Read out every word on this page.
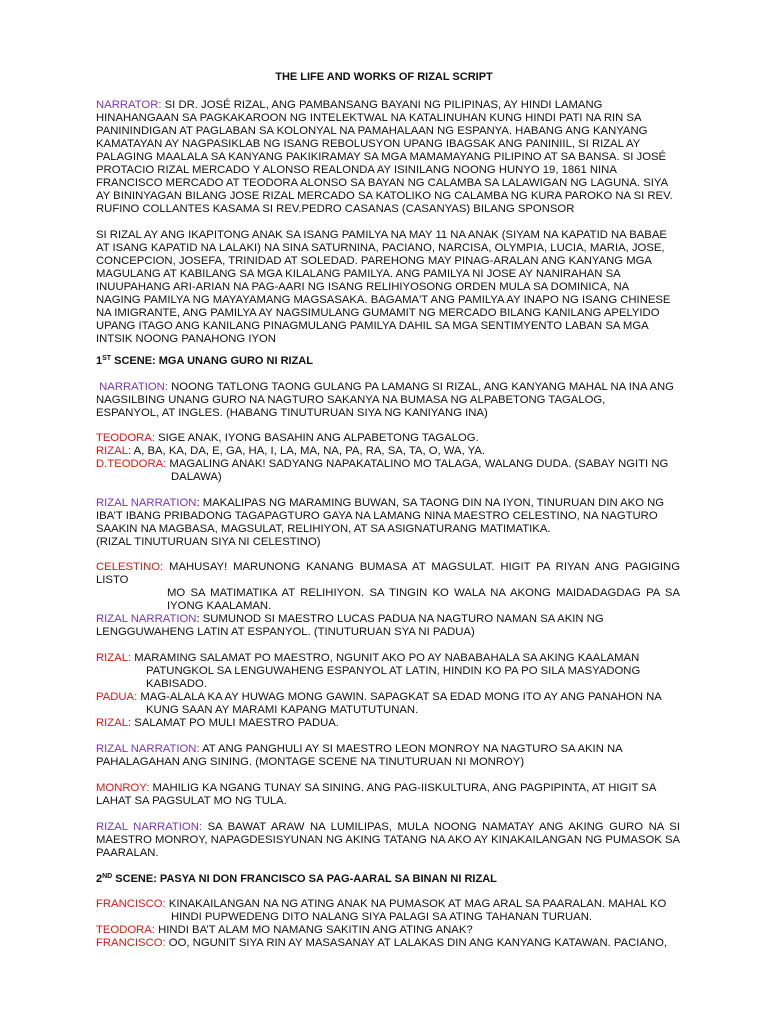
THE LIFE AND WORKS OF RIZAL SCRIPT

NARRATOR: SI DR. JOSÉ RIZAL, ANG PAMBANSANG BAYANI NG PILIPINAS, AY HINDI LAMANG

HINAHANGAAN SA PAGKAKAROON NG INTELEKTWAL NA KATALINUHAN KUNG HINDI PATI NA RIN SA

PANININDIGAN AT PAGLABAN SA KOLONYAL NA PAMAHALAAN NG ESPANYA. HABANG ANG KANYANG

KAMATAYAN AY NAGPASIKLAB NG ISANG REBOLUSYON UPANG IBAGSAK ANG PANINIIL, SI RIZAL AY

PALAGING MAALALA SA KANYANG PAKIKIRAMAY SA MGA MAMAMAYANG PILIPINO AT SA BANSA. SI JOSÉ

PROTACIO RIZAL MERCADO Y ALONSO REALONDA AY ISINILANG NOONG HUNYO 19, 1861 NINA

FRANCISCO MERCADO AT TEODORA ALONSO SA BAYAN NG CALAMBA SA LALAWIGAN NG LAGUNA. SIYA

AY BININYAGAN BILANG JOSE RIZAL MERCADO SA KATOLIKO NG CALAMBA NG KURA PAROKO NA SI REV.

RUFINO COLLANTES KASAMA SI REV.PEDRO CASANAS (CASANYAS) BILANG SPONSOR

SI RIZAL AY ANG IKAPITONG ANAK SA ISANG PAMILYA NA MAY 11 NA ANAK (SIYAM NA KAPATID NA BABAE

AT ISANG KAPATID NA LALAKI) NA SINA SATURNINA, PACIANO, NARCISA, OLYMPIA, LUCIA, MARIA, JOSE,

CONCEPCION, JOSEFA, TRINIDAD AT SOLEDAD. PAREHONG MAY PINAG-ARALAN ANG KANYANG MGA

MAGULANG AT KABILANG SA MGA KILALANG PAMILYA. ANG PAMILYA NI JOSE AY NANIRAHAN SA

INUUPAHANG ARI-ARIAN NA PAG-AARI NG ISANG RELIHIYOSONG ORDEN MULA SA DOMINICA, NA

NAGING PAMILYA NG MAYAYAMANG MAGSASAKA. BAGAMA'T ANG PAMILYA AY INAPO NG ISANG CHINESE

NA IMIGRANTE, ANG PAMILYA AY NAGSIMULANG GUMAMIT NG MERCADO BILANG KANILANG APELYIDO

UPANG ITAGO ANG KANILANG PINAGMULANG PAMILYA DAHIL SA MGA SENTIMYENTO LABAN SA MGA

INTSIK NOONG PANAHONG IYON

1ST SCENE: MGA UNANG GURO NI RIZAL

NARRATION: NOONG TATLONG TAONG GULANG PA LAMANG SI RIZAL, ANG KANYANG MAHAL NA INA ANG

NAGSILBING UNANG GURO NA NAGTURO SAKANYA NA BUMASA NG ALPABETONG TAGALOG,

ESPANYOL, AT INGLES. (HABANG TINUTURUAN SIYA NG KANIYANG INA)

TEODORA: SIGE ANAK, IYONG BASAHIN ANG ALPABETONG TAGALOG.

RIZAL: A, BA, KA, DA, E, GA, HA, I, LA, MA, NA, PA, RA, SA, TA, O, WA, YA.

D.TEODORA: MAGALING ANAK! SADYANG NAPAKATALINO MO TALAGA, WALANG DUDA. (SABAY NGITI NG

DALAWA)

RIZAL NARRATION: MAKALIPAS NG MARAMING BUWAN, SA TAONG DIN NA IYON, TINURUAN DIN AKO NG

IBA’T IBANG PRIBADONG TAGAPAGTURO GAYA NA LAMANG NINA MAESTRO CELESTINO, NA NAGTURO

SAAKIN NA MAGBASA, MAGSULAT, RELIHIYON, AT SA ASIGNATURANG MATIMATIKA.

(RIZAL TINUTURUAN SIYA NI CELESTINO)

CELESTINO: MAHUSAY! MARUNONG KANANG BUMASA AT MAGSULAT. HIGIT PA RIYAN ANG PAGIGING LISTO

MO SA MATIMATIKA AT RELIHIYON. SA TINGIN KO WALA NA AKONG MAIDADAGDAG PA SA

IYONG KAALAMAN.

RIZAL NARRATION: SUMUNOD SI MAESTRO LUCAS PADUA NA NAGTURO NAMAN SA AKIN NG

LENGGUWAHENG LATIN AT ESPANYOL. (TINUTURUAN SYA NI PADUA)

RIZAL: MARAMING SALAMAT PO MAESTRO, NGUNIT AKO PO AY NABABAHALA SA AKING KAALAMAN

PATUNGKOL SA LENGUWAHENG ESPANYOL AT LATIN, HINDIN KO PA PO SILA MASYADONG

KABISADO.

PADUA: MAG-ALALA KA AY HUWAG MONG GAWIN. SAPAGKAT SA EDAD MONG ITO AY ANG PANAHON NA

KUNG SAAN AY MARAMI KAPANG MATUTUTUNAN.

RIZAL: SALAMAT PO MULI MAESTRO PADUA.

RIZAL NARRATION: AT ANG PANGHULI AY SI MAESTRO LEON MONROY NA NAGTURO SA AKIN NA

PAHALAGAHAN ANG SINING. (MONTAGE SCENE NA TINUTURUAN NI MONROY)

MONROY: MAHILIG KA NGANG TUNAY SA SINING. ANG PAG-IISKULTURA, ANG PAGPIPINTA, AT HIGIT SA

LAHAT SA PAGSULAT MO NG TULA.

RIZAL NARRATION: SA BAWAT ARAW NA LUMILIPAS, MULA NOONG NAMATAY ANG AKING GURO NA SI

MAESTRO MONROY, NAPAGDESISYUNAN NG AKING TATANG NA AKO AY KINAKAILANGAN NG PUMASOK SA

PAARALAN.

2ND SCENE: PASYA NI DON FRANCISCO SA PAG-AARAL SA BINAN NI RIZAL

FRANCISCO: KINAKAILANGAN NA NG ATING ANAK NA PUMASOK AT MAG ARAL SA PAARALAN. MAHAL KO

HINDI PUPWEDENG DITO NALANG SIYA PALAGI SA ATING TAHANAN TURUAN.

TEODORA: HINDI BA’T ALAM MO NAMANG SAKITIN ANG ATING ANAK?

FRANCISCO: OO, NGUNIT SIYA RIN AY MASASANAY AT LALAKAS DIN ANG KANYANG KATAWAN. PACIANO,
